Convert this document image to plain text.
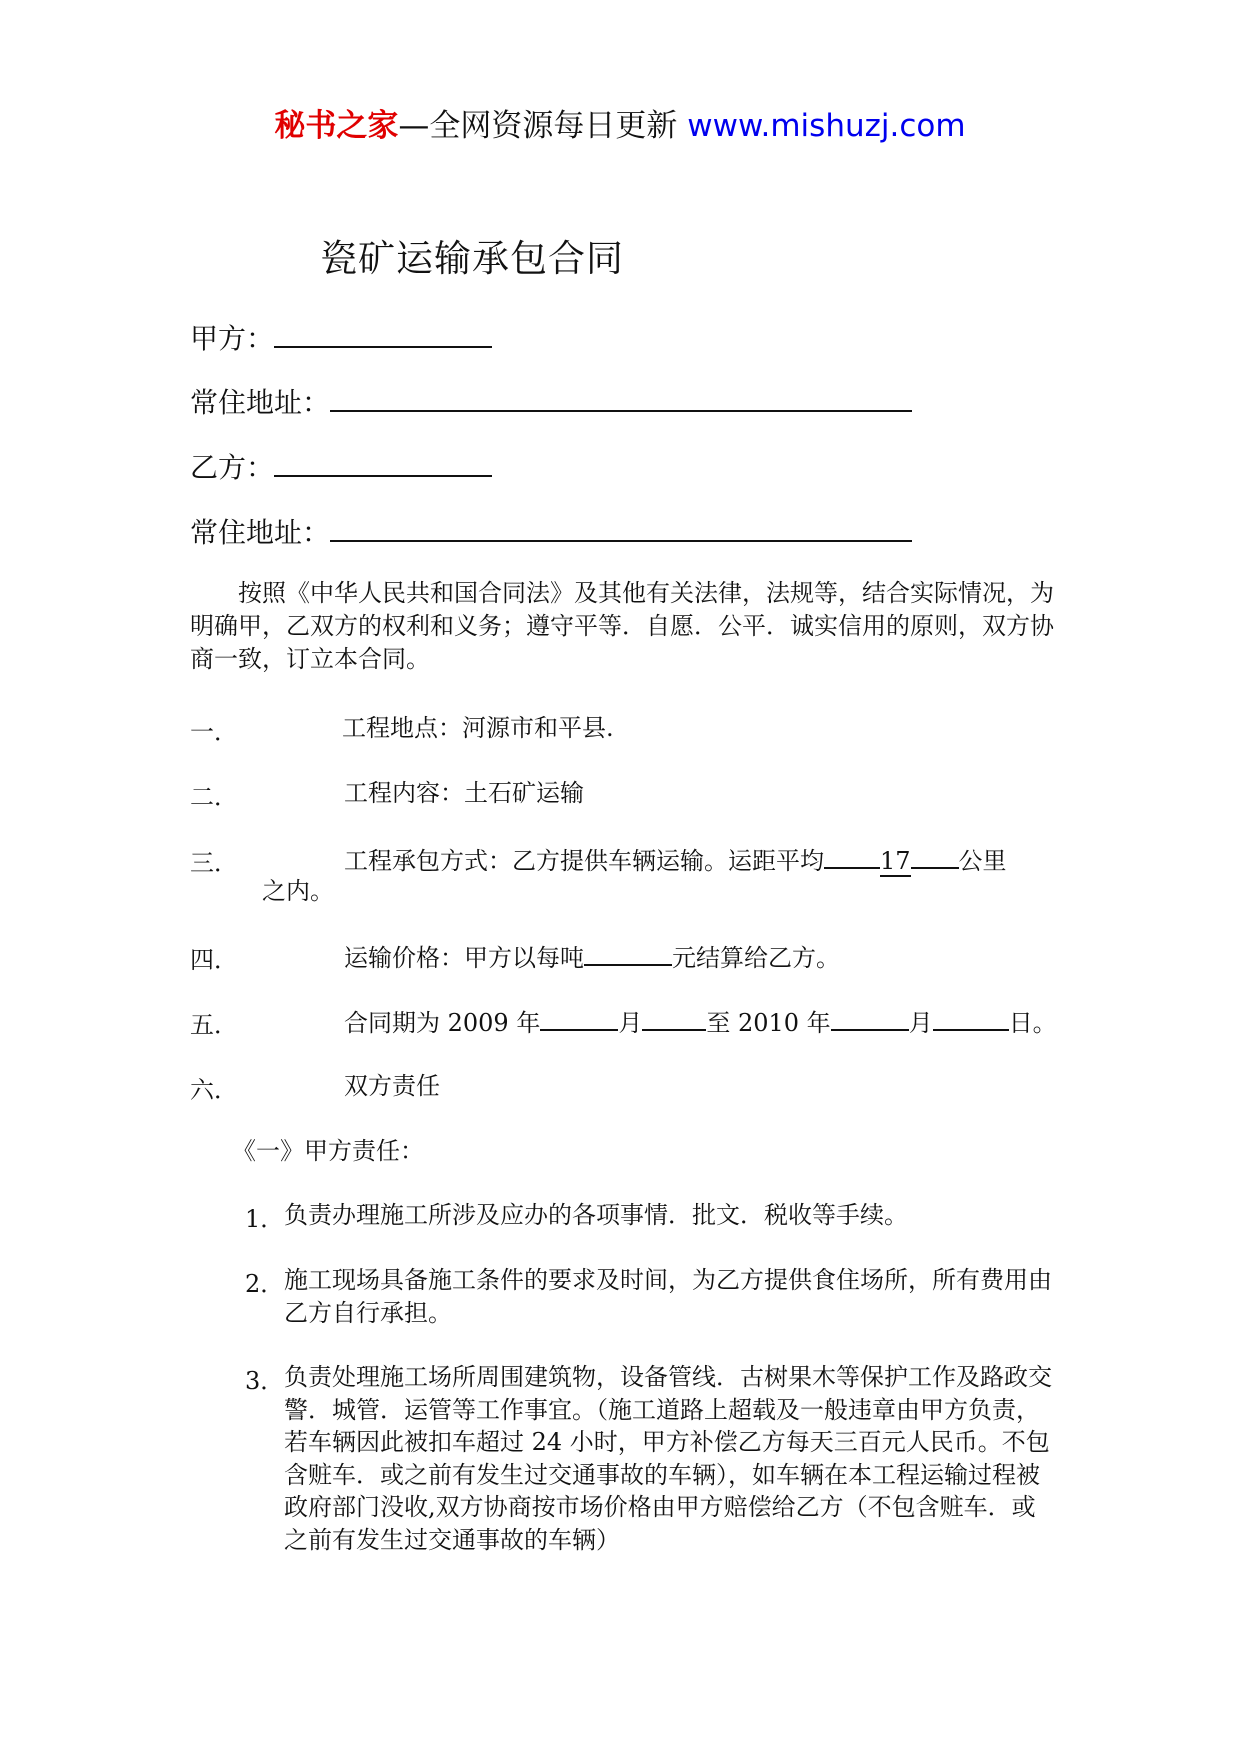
秘书之家—全网资源每日更新 www.mishuzj.com
瓷矿运输承包合同
甲方：
常住地址：
乙方：
常住地址：
按照《中华人民共和国合同法》及其他有关法律，法规等，结合实际情况，为明确甲，乙双方的权利和义务；遵守平等．自愿．公平．诚实信用的原则，双方协商一致，订立本合同。
一．	工程地点：河源市和平县.
二．	工程内容：土石矿运输
三．	工程承包方式：乙方提供车辆运输。运距平均 17 公里
之内。
四．	运输价格：甲方以每吨	元结算给乙方。
五．	合同期为 2009 年	月	至 2010 年	月	日。
六．	双方责任
《一》甲方责任：
1． 负责办理施工所涉及应办的各项事情．批文．税收等手续。
2． 施工现场具备施工条件的要求及时间，为乙方提供食住场所，所有费用由乙方自行承担。
3． 负责处理施工场所周围建筑物，设备管线．古树果木等保护工作及路政交警．城管．运管等工作事宜。（施工道路上超载及一般违章由甲方负责，若车辆因此被扣车超过 24 小时，甲方补偿乙方每天三百元人民币。不包含赃车．或之前有发生过交通事故的车辆），如车辆在本工程运输过程被政府部门没收,双方协商按市场价格由甲方赔偿给乙方（不包含赃车．或之前有发生过交通事故的车辆）
